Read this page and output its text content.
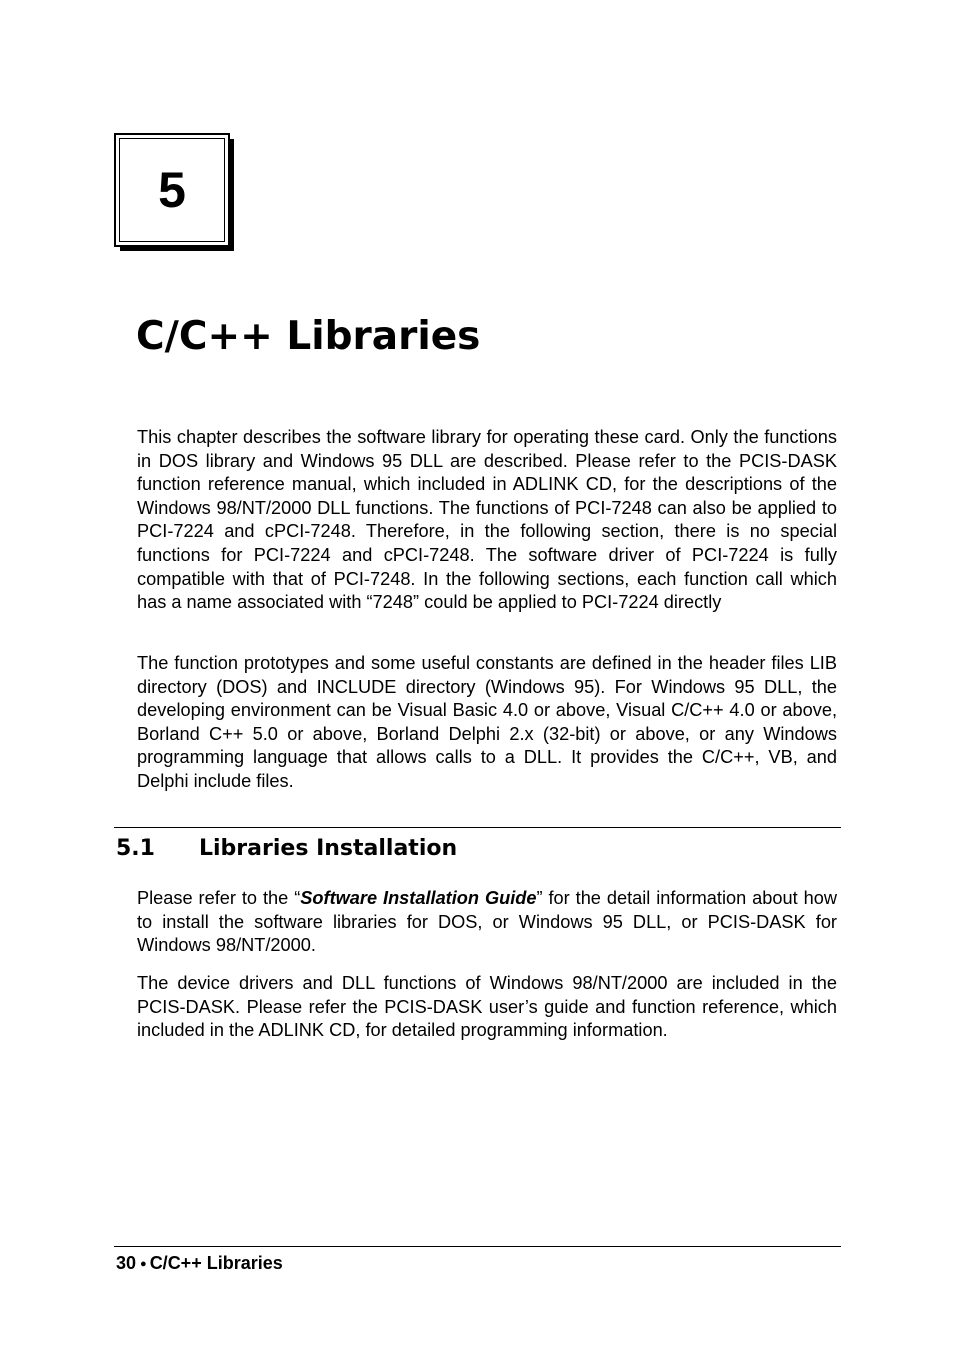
5
C/C++ Libraries

This chapter describes the software library for operating these card. Only the functions in DOS library and Windows 95 DLL are described. Please refer to the PCIS-DASK function reference manual, which included in ADLINK CD, for the descriptions of the Windows 98/NT/2000 DLL functions. The functions of PCI-7248 can also be applied to PCI-7224 and cPCI-7248. Therefore, in the following section, there is no special functions for PCI-7224 and cPCI-7248. The software driver of PCI-7224 is fully compatible with that of PCI-7248. In the following sections, each function call which has a name associated with “7248” could be applied to PCI-7224 directly

The function prototypes and some useful constants are defined in the header files LIB directory (DOS) and INCLUDE directory (Windows 95). For Windows 95 DLL, the developing environment can be Visual Basic 4.0 or above, Visual C/C++ 4.0 or above, Borland C++ 5.0 or above, Borland Delphi 2.x (32-bit) or above, or any Windows programming language that allows calls to a DLL. It provides the C/C++, VB, and Delphi include files.

5.1 Libraries Installation

Please refer to the “Software Installation Guide” for the detail information about how to install the software libraries for DOS, or Windows 95 DLL, or PCIS-DASK for Windows 98/NT/2000.

The device drivers and DLL functions of Windows 98/NT/2000 are included in the PCIS-DASK. Please refer the PCIS-DASK user’s guide and function reference, which included in the ADLINK CD, for detailed programming information.

30 ● C/C++ Libraries
